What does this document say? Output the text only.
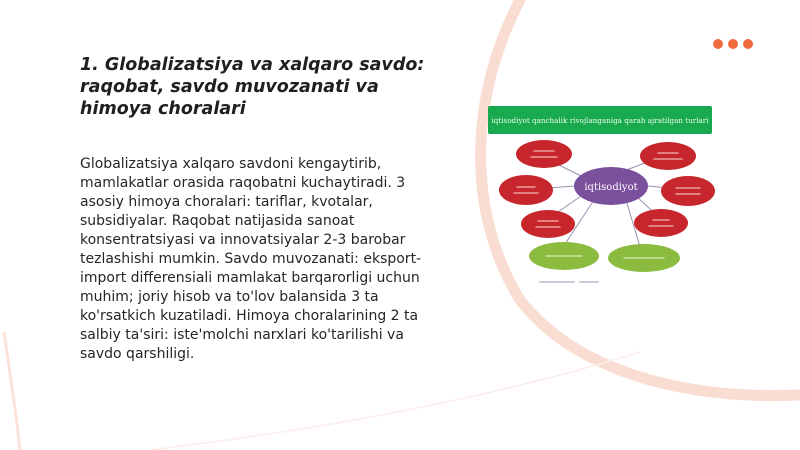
1. Globalizatsiya va xalqaro savdo: raqobat, savdo muvozanati va himoya choralari

Globalizatsiya xalqaro savdoni kengaytirib, mamlakatlar orasida raqobatni kuchaytiradi. 3 asosiy himoya choralari: tariflar, kvotalar, subsidiyalar. Raqobat natijasida sanoat konsentratsiyasi va innovatsiyalar 2-3 barobar tezlashishi mumkin. Savdo muvozanati: eksport-import differensiali mamlakat barqarorligi uchun muhim; joriy hisob va to'lov balansida 3 ta ko'rsatkich kuzatiladi. Himoya choralarining 2 ta salbiy ta'siri: iste'molchi narxlari ko'tarilishi va savdo qarshiligi.

iqtisodiyot qanchalik rivojlanganiga qarab ajratilgan turlari
iqtisodiyot
